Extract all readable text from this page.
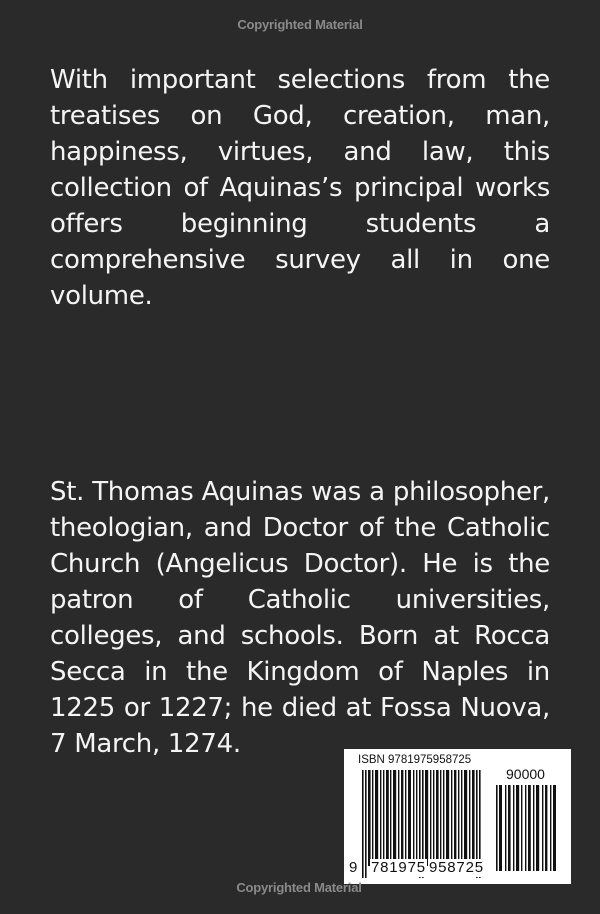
Copyrighted Material
With important selections from the treatises on God, creation, man, happiness, virtues, and law, this collection of Aquinas’s principal works offers beginning students a comprehensive survey all in one volume.
St. Thomas Aquinas was a philosopher, theologian, and Doctor of the Catholic Church (Angelicus Doctor). He is the patron of Catholic universities, colleges, and schools. Born at Rocca Secca in the Kingdom of Naples in 1225 or 1227; he died at Fossa Nuova, 7 March, 1274.
ISBN 9781975958725
9 781975 958725
90000
Copyrighted Material
